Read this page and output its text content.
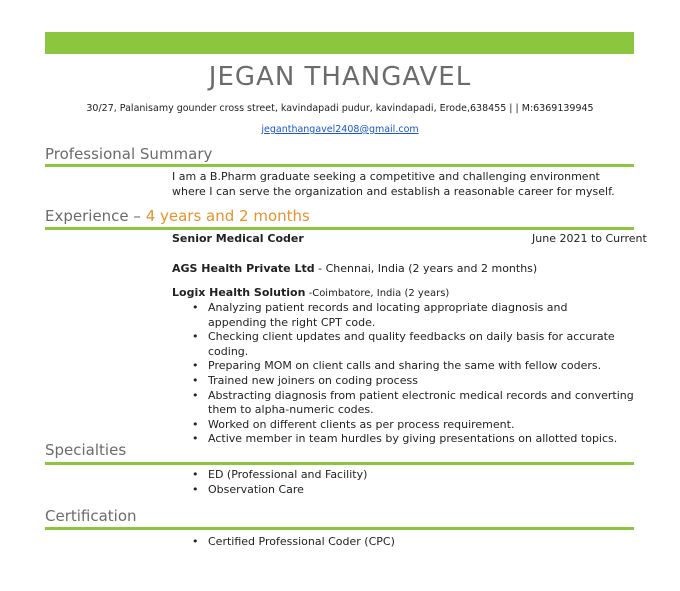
JEGAN THANGAVEL
30/27, Palanisamy gounder cross street, kavindapadi pudur, kavindapadi, Erode,638455 | | M:6369139945
jeganthangavel2408@gmail.com
Professional Summary
I am a B.Pharm graduate seeking a competitive and challenging environment where I can serve the organization and establish a reasonable career for myself.
Experience – 4 years and 2 months
Senior Medical Coder	June 2021 to Current
AGS Health Private Ltd - Chennai, India (2 years and 2 months)
Logix Health Solution -Coimbatore, India (2 years)
• Analyzing patient records and locating appropriate diagnosis and appending the right CPT code.
• Checking client updates and quality feedbacks on daily basis for accurate coding.
• Preparing MOM on client calls and sharing the same with fellow coders.
• Trained new joiners on coding process
• Abstracting diagnosis from patient electronic medical records and converting them to alpha-numeric codes.
• Worked on different clients as per process requirement.
• Active member in team hurdles by giving presentations on allotted topics.
Specialties
• ED (Professional and Facility)
• Observation Care
Certification
• Certified Professional Coder (CPC)
